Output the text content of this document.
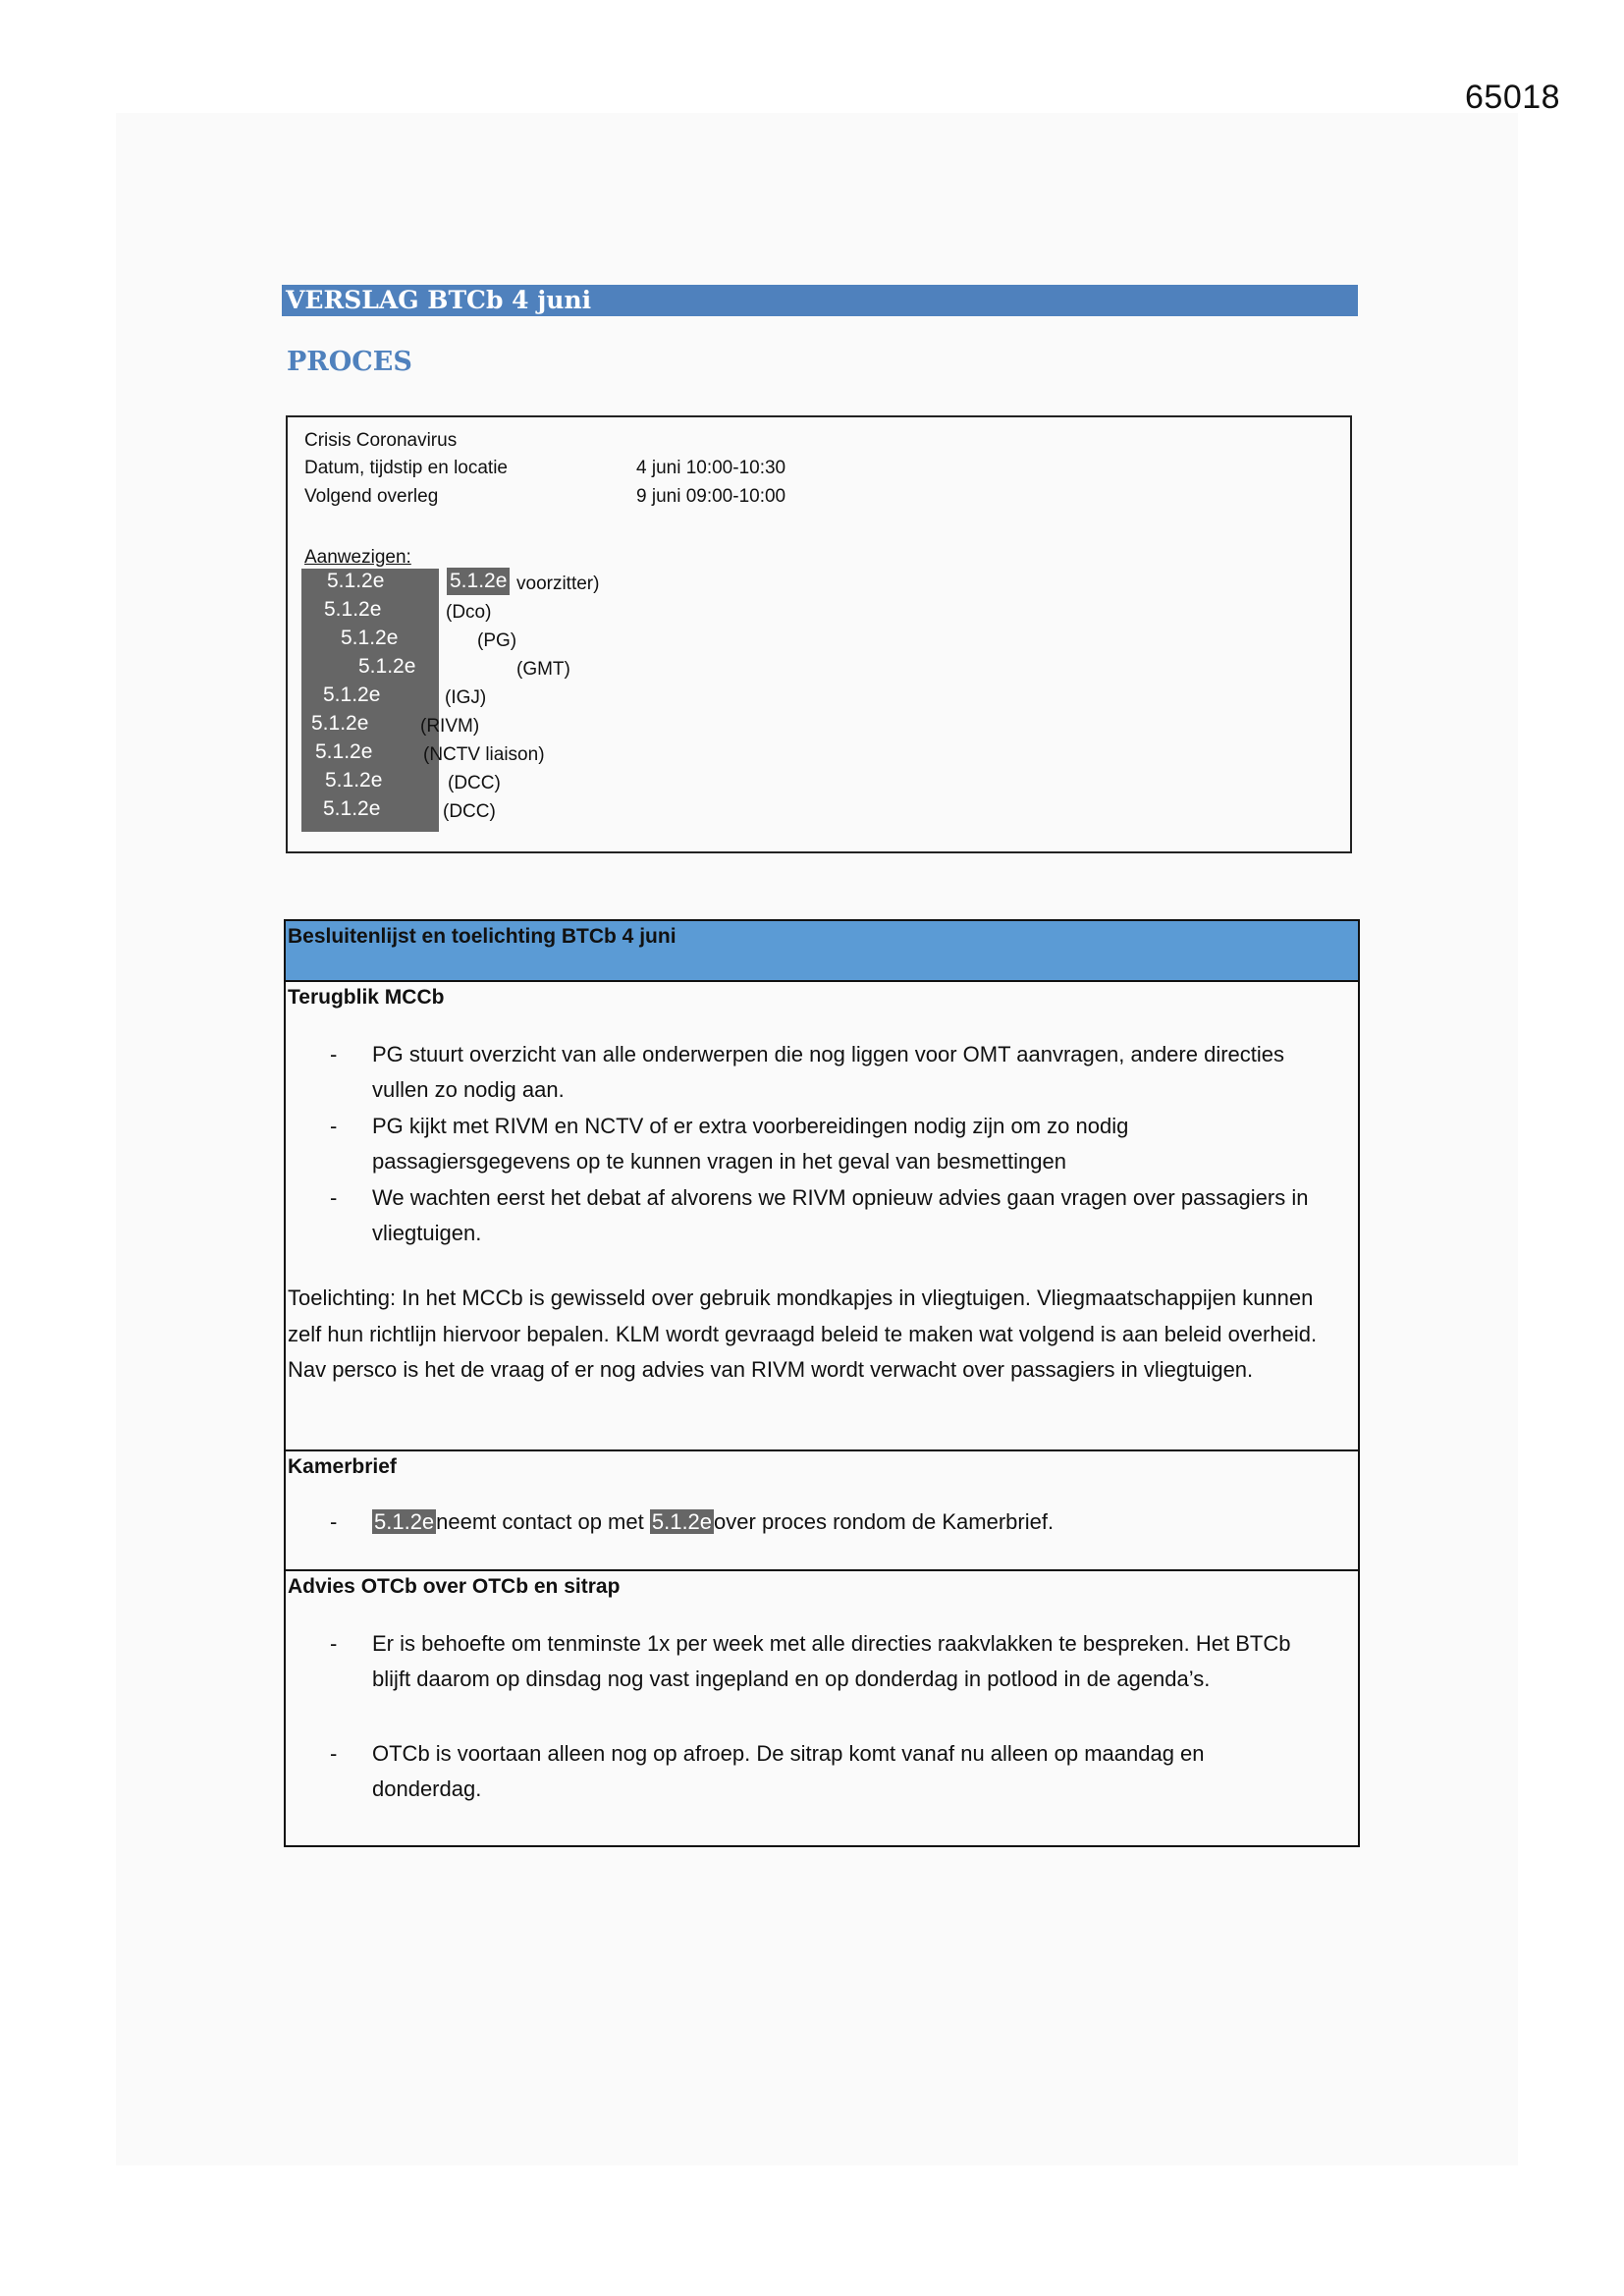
65018
VERSLAG BTCb 4 juni
PROCES
Crisis Coronavirus
Datum, tijdstip en locatie	4 juni 10:00-10:30
Volgend overleg	9 juni 09:00-10:00
Aanwezigen:
5.1.2e	5.1.2e voorzitter)
5.1.2e	(Dco)
5.1.2e	(PG)
5.1.2e	(GMT)
5.1.2e	(IGJ)
5.1.2e	(RIVM)
5.1.2e	(NCTV liaison)
5.1.2e	(DCC)
5.1.2e	(DCC)
Besluitenlijst en toelichting BTCb 4 juni
Terugblik MCCb
- PG stuurt overzicht van alle onderwerpen die nog liggen voor OMT aanvragen, andere directies vullen zo nodig aan.
- PG kijkt met RIVM en NCTV of er extra voorbereidingen nodig zijn om zo nodig passagiersgegevens op te kunnen vragen in het geval van besmettingen
- We wachten eerst het debat af alvorens we RIVM opnieuw advies gaan vragen over passagiers in vliegtuigen.
Toelichting: In het MCCb is gewisseld over gebruik mondkapjes in vliegtuigen. Vliegmaatschappijen kunnen zelf hun richtlijn hiervoor bepalen. KLM wordt gevraagd beleid te maken wat volgend is aan beleid overheid. Nav persco is het de vraag of er nog advies van RIVM wordt verwacht over passagiers in vliegtuigen.
Kamerbrief
- 5.1.2eneemt contact op met 5.1.2eover proces rondom de Kamerbrief.
Advies OTCb over OTCb en sitrap
- Er is behoefte om tenminste 1x per week met alle directies raakvlakken te bespreken. Het BTCb blijft daarom op dinsdag nog vast ingepland en op donderdag in potlood in de agenda’s.
- OTCb is voortaan alleen nog op afroep. De sitrap komt vanaf nu alleen op maandag en donderdag.
